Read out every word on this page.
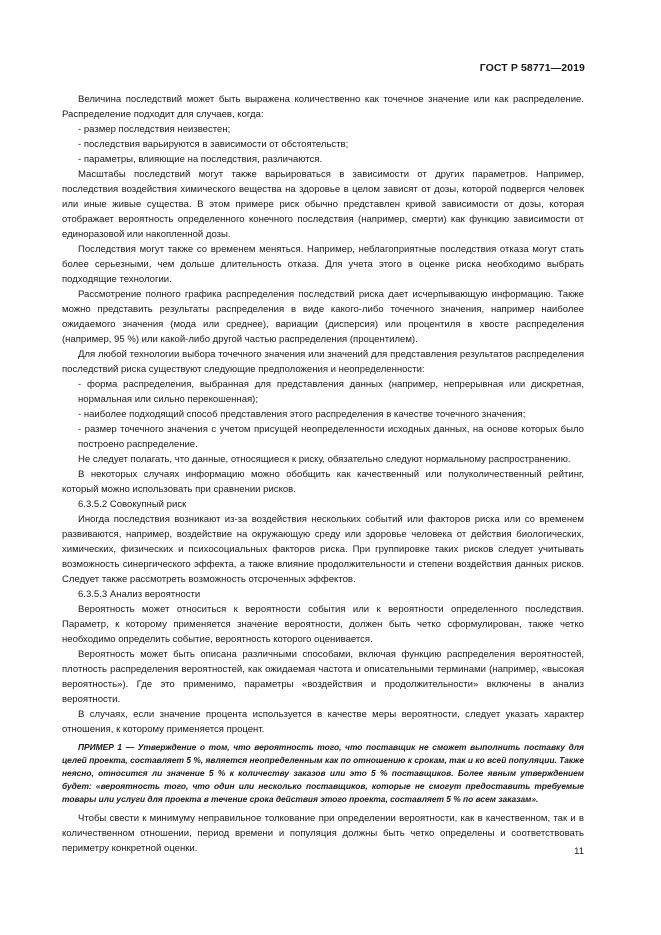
ГОСТ Р 58771—2019

Величина последствий может быть выражена количественно как точечное значение или как распределение. Распределение подходит для случаев, когда:

- размер последствия неизвестен;

- последствия варьируются в зависимости от обстоятельств;

- параметры, влияющие на последствия, различаются.

Масштабы последствий могут также варьироваться в зависимости от других параметров. Например, последствия воздействия химического вещества на здоровье в целом зависят от дозы, которой подвергся человек или иные живые существа. В этом примере риск обычно представлен кривой зависимости от дозы, которая отображает вероятность определенного конечного последствия (например, смерти) как функцию зависимости от единоразовой или накопленной дозы.

Последствия могут также со временем меняться. Например, неблагоприятные последствия отказа могут стать более серьезными, чем дольше длительность отказа. Для учета этого в оценке риска необходимо выбрать подходящие технологии.

Рассмотрение полного графика распределения последствий риска дает исчерпывающую информацию. Также можно представить результаты распределения в виде какого-либо точечного значения, например наиболее ожидаемого значения (мода или среднее), вариации (дисперсия) или процентиля в хвосте распределения (например, 95 %) или какой-либо другой частью распределения (процентилем).

Для любой технологии выбора точечного значения или значений для представления результатов распределения последствий риска существуют следующие предположения и неопределенности:

- форма распределения, выбранная для представления данных (например, непрерывная или дискретная, нормальная или сильно перекошенная);

- наиболее подходящий способ представления этого распределения в качестве точечного значения;

- размер точечного значения с учетом присущей неопределенности исходных данных, на основе которых было построено распределение.

Не следует полагать, что данные, относящиеся к риску, обязательно следуют нормальному распространению.

В некоторых случаях информацию можно обобщить как качественный или полуколичественный рейтинг, который можно использовать при сравнении рисков.

6.3.5.2 Совокупный риск

Иногда последствия возникают из-за воздействия нескольких событий или факторов риска или со временем развиваются, например, воздействие на окружающую среду или здоровье человека от действия биологических, химических, физических и психосоциальных факторов риска. При группировке таких рисков следует учитывать возможность синергического эффекта, а также влияние продолжительности и степени воздействия данных рисков. Следует также рассмотреть возможность отсроченных эффектов.

6.3.5.3 Анализ вероятности

Вероятность может относиться к вероятности события или к вероятности определенного последствия. Параметр, к которому применяется значение вероятности, должен быть четко сформулирован, также четко необходимо определить событие, вероятность которого оценивается.

Вероятность может быть описана различными способами, включая функцию распределения вероятностей, плотность распределения вероятностей, как ожидаемая частота и описательными терминами (например, «высокая вероятность»). Где это применимо, параметры «воздействия и продолжительности» включены в анализ вероятности.

В случаях, если значение процента используется в качестве меры вероятности, следует указать характер отношения, к которому применяется процент.

ПРИМЕР 1 — Утверждение о том, что вероятность того, что поставщик не сможет выполнить поставку для целей проекта, составляет 5 %, является неопределенным как по отношению к срокам, так и ко всей популяции. Также неясно, относится ли значение 5 % к количеству заказов или это 5 % поставщиков. Более явным утверждением будет: «вероятность того, что один или несколько поставщиков, которые не смогут предоставить требуемые товары или услуги для проекта в течение срока действия этого проекта, составляет 5 % по всем заказам».

Чтобы свести к минимуму неправильное толкование при определении вероятности, как в качественном, так и в количественном отношении, период времени и популяция должны быть четко определены и соответствовать периметру конкретной оценки.	11
